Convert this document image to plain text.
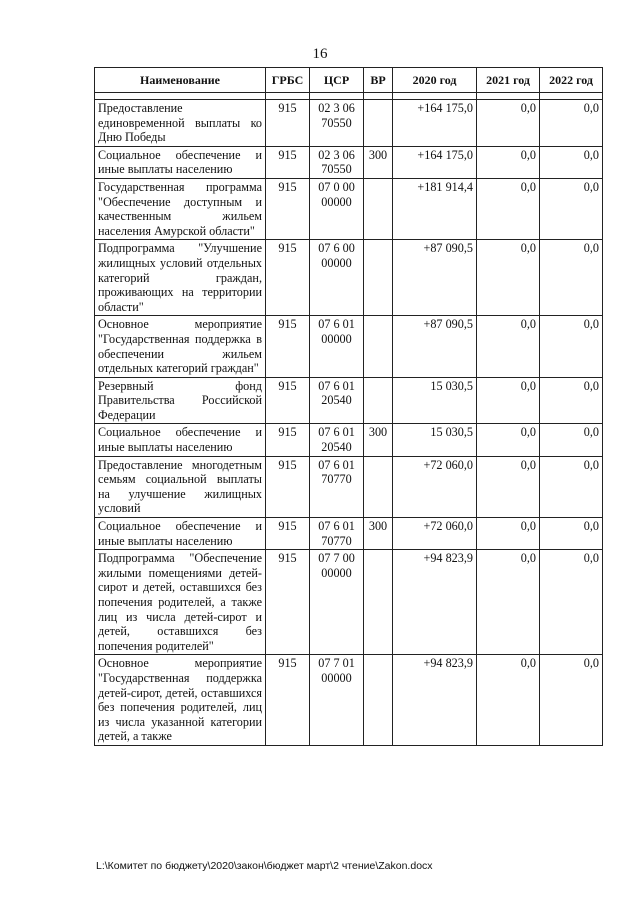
16
Наименование	ГРБС	ЦСР	ВР	2020 год	2021 год	2022 год

Предоставление единовременной выплаты ко Дню Победы	915	02 3 06 70550		+164 175,0	0,0	0,0
Социальное обеспечение и иные выплаты населению	915	02 3 06 70550	300	+164 175,0	0,0	0,0
Государственная программа "Обеспечение доступным и качественным жильем населения Амурской области"	915	07 0 00 00000		+181 914,4	0,0	0,0
Подпрограмма "Улучшение жилищных условий отдельных категорий граждан, проживающих на территории области"	915	07 6 00 00000		+87 090,5	0,0	0,0
Основное мероприятие "Государственная поддержка в обеспечении жильем отдельных категорий граждан"	915	07 6 01 00000		+87 090,5	0,0	0,0
Резервный фонд Правительства Российской Федерации	915	07 6 01 20540		15 030,5	0,0	0,0
Социальное обеспечение и иные выплаты населению	915	07 6 01 20540	300	15 030,5	0,0	0,0
Предоставление многодетным семьям социальной выплаты на улучшение жилищных условий	915	07 6 01 70770		+72 060,0	0,0	0,0
Социальное обеспечение и иные выплаты населению	915	07 6 01 70770	300	+72 060,0	0,0	0,0
Подпрограмма "Обеспечение жилыми помещениями детей-сирот и детей, оставшихся без попечения родителей, а также лиц из числа детей-сирот и детей, оставшихся без попечения родителей"	915	07 7 00 00000		+94 823,9	0,0	0,0
Основное мероприятие "Государственная поддержка детей-сирот, детей, оставшихся без попечения родителей, лиц из числа указанной категории детей, а также	915	07 7 01 00000		+94 823,9	0,0	0,0
L:\Комитет по бюджету\2020\закон\бюджет март\2 чтение\Zakon.docx
